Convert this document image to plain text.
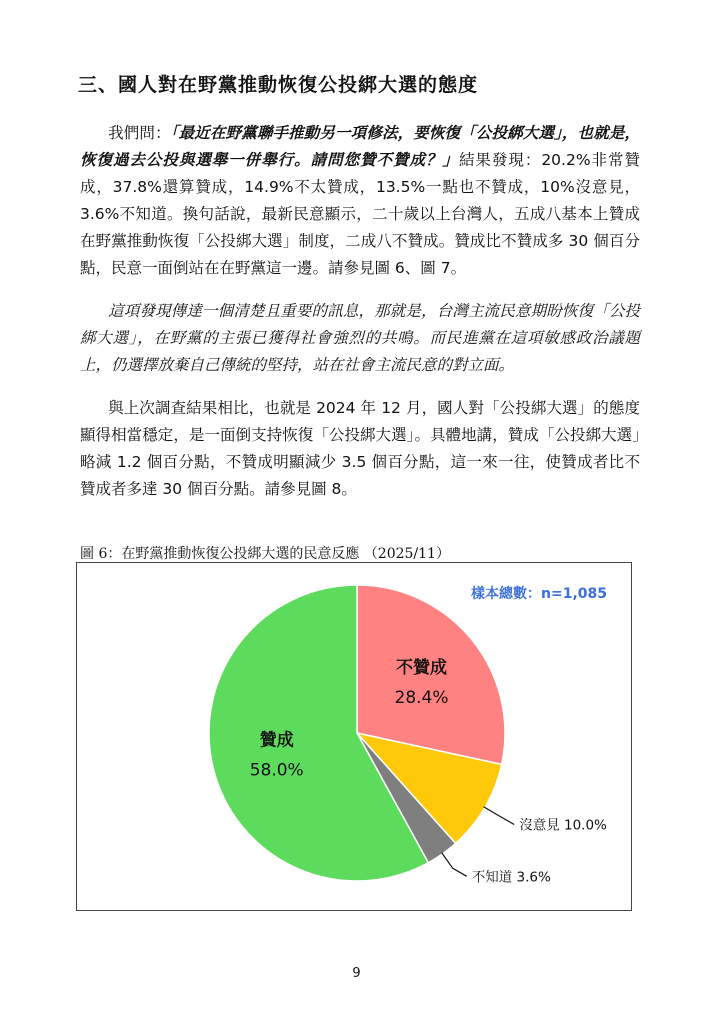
三、國人對在野黨推動恢復公投綁大選的態度

我們問：「最近在野黨聯手推動另一項修法，要恢復「公投綁大選」，也就是，恢復過去公投與選舉一併舉行。請問您贊不贊成？」結果發現：20.2%非常贊成，37.8%還算贊成，14.9%不太贊成，13.5%一點也不贊成，10%沒意見，3.6%不知道。換句話說，最新民意顯示，二十歲以上台灣人，五成八基本上贊成在野黨推動恢復「公投綁大選」制度，二成八不贊成。贊成比不贊成多 30 個百分點，民意一面倒站在在野黨這一邊。請參見圖 6、圖 7。

這項發現傳達一個清楚且重要的訊息，那就是，台灣主流民意期盼恢復「公投綁大選」，在野黨的主張已獲得社會強烈的共鳴。而民進黨在這項敏感政治議題上，仍選擇放棄自己傳統的堅持，站在社會主流民意的對立面。

與上次調查結果相比，也就是 2024 年 12 月，國人對「公投綁大選」的態度顯得相當穩定，是一面倒支持恢復「公投綁大選」。具體地講，贊成「公投綁大選」略減 1.2 個百分點，不贊成明顯減少 3.5 個百分點，這一來一往，使贊成者比不贊成者多達 30 個百分點。請參見圖 8。

圖 6：在野黨推動恢復公投綁大選的民意反應 （2025/11）

樣本總數：n=1,085
不贊成
28.4%
沒意見 10.0%
不知道 3.6%
贊成
58.0%
9
